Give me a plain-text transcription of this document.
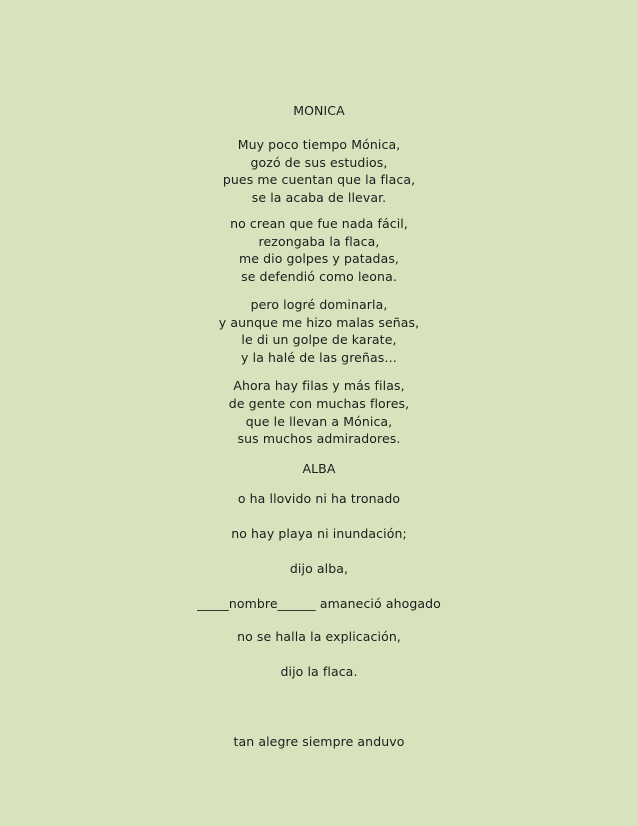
MONICA
Muy poco tiempo Mónica,
gozó de sus estudios,
pues me cuentan que la flaca,
se la acaba de llevar.
no crean que fue nada fácil,
rezongaba la flaca,
me dio golpes y patadas,
se defendió como leona.
pero logré dominarla,
y aunque me hizo malas señas,
le di un golpe de karate,
y la halé de las greñas…
Ahora hay filas y más filas,
de gente con muchas flores,
que le llevan a Mónica,
sus muchos admiradores.
ALBA
o ha llovido ni ha tronado
no hay playa ni inundación;
dijo alba,
_____nombre______ amaneció ahogado
no se halla la explicación,
dijo la flaca.
tan alegre siempre anduvo
